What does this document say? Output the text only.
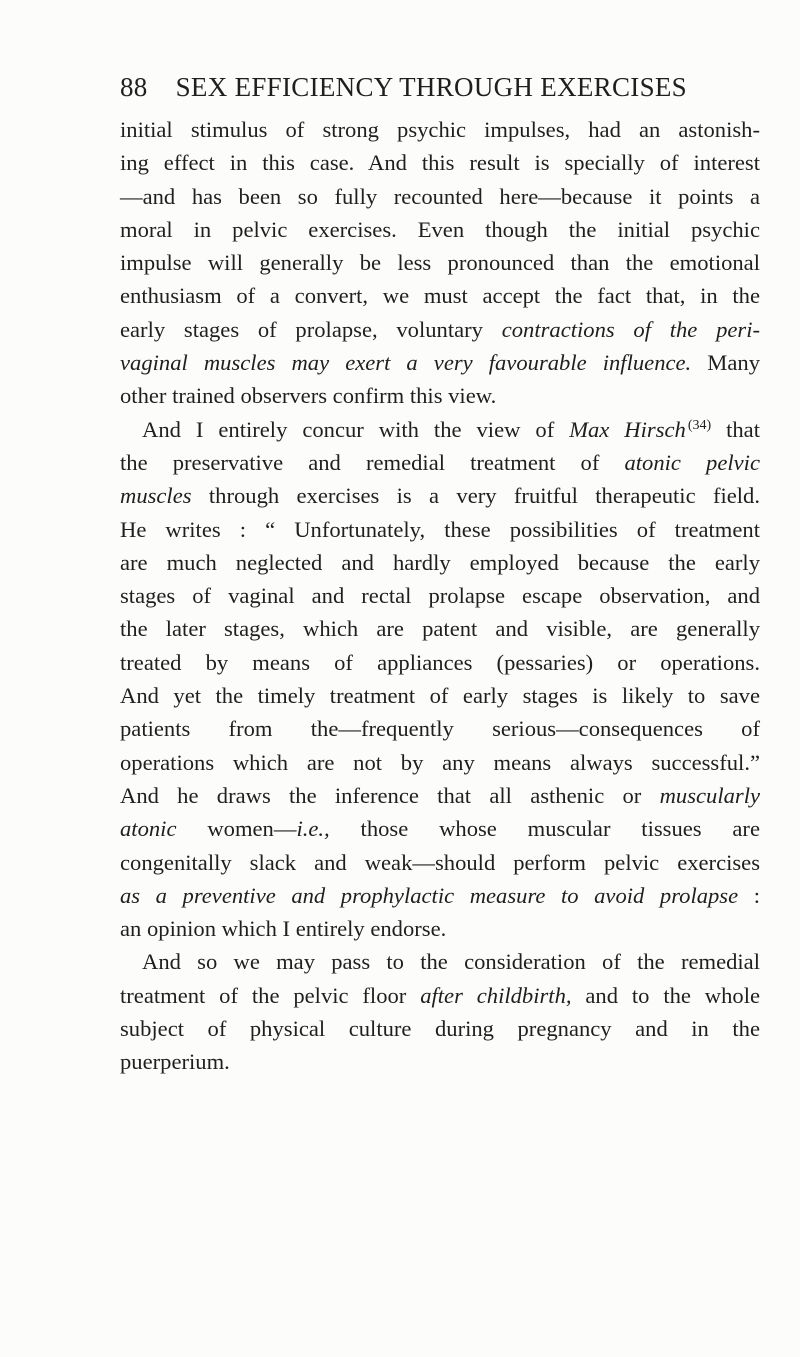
88 SEX EFFICIENCY THROUGH EXERCISES
initial stimulus of strong psychic impulses, had an astonish-
ing effect in this case. And this result is specially of interest
—and has been so fully recounted here—because it points a
moral in pelvic exercises. Even though the initial psychic
impulse will generally be less pronounced than the emotional
enthusiasm of a convert, we must accept the fact that, in the
early stages of prolapse, voluntary contractions of the peri-
vaginal muscles may exert a very favourable influence. Many
other trained observers confirm this view.
And I entirely concur with the view of Max Hirsch $^{(34)}$ that
the preservative and remedial treatment of atonic pelvic
muscles through exercises is a very fruitful therapeutic field.
He writes : “ Unfortunately, these possibilities of treatment
are much neglected and hardly employed because the early
stages of vaginal and rectal prolapse escape observation, and
the later stages, which are patent and visible, are generally
treated by means of appliances (pessaries) or operations.
And yet the timely treatment of early stages is likely to save
patients from the—frequently serious—consequences of
operations which are not by any means always successful.”
And he draws the inference that all asthenic or muscularly
atonic women—i.e., those whose muscular tissues are
congenitally slack and weak—should perform pelvic exercises
as a preventive and prophylactic measure to avoid prolapse :
an opinion which I entirely endorse.
And so we may pass to the consideration of the remedial
treatment of the pelvic floor after childbirth, and to the whole
subject of physical culture during pregnancy and in the
puerperium.
